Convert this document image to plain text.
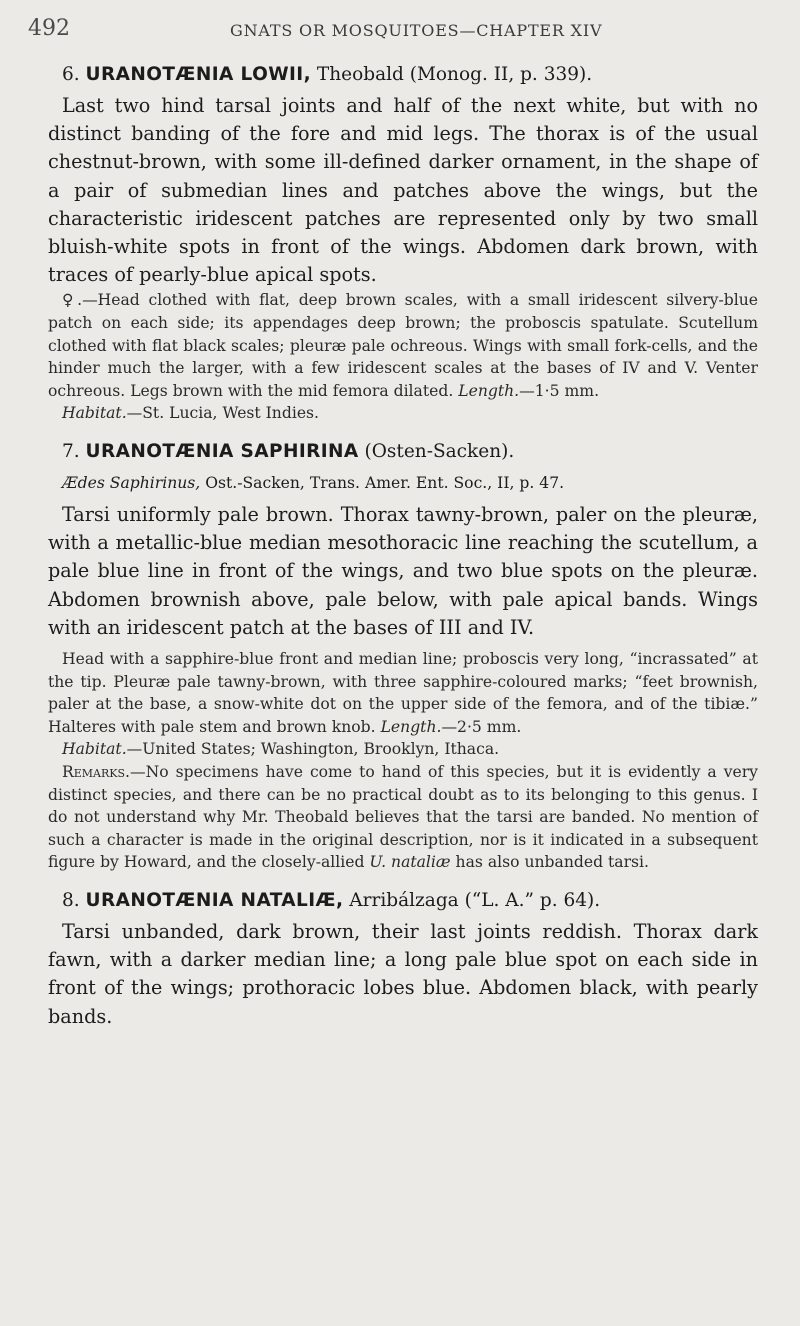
492	GNATS OR MOSQUITOES—CHAPTER XIV
6. URANOTÆNIA LOWII, Theobald (Monog. II, p. 339).

Last two hind tarsal joints and half of the next white, but with no distinct banding of the fore and mid legs. The thorax is of the usual chestnut-brown, with some ill-defined darker ornament, in the shape of a pair of submedian lines and patches above the wings, but the characteristic iridescent patches are represented only by two small bluish-white spots in front of the wings. Abdomen dark brown, with traces of pearly-blue apical spots.

♀.—Head clothed with flat, deep brown scales, with a small iridescent silvery-blue patch on each side; its appendages deep brown; the proboscis spatulate. Scutellum clothed with flat black scales; pleuræ pale ochreous. Wings with small fork-cells, and the hinder much the larger, with a few iridescent scales at the bases of IV and V. Venter ochreous. Legs brown with the mid femora dilated. Length.—1·5 mm.

Habitat.—St. Lucia, West Indies.

7. URANOTÆNIA SAPHIRINA (Osten-Sacken).
Ædes Saphirinus, Ost.-Sacken, Trans. Amer. Ent. Soc., II, p. 47.

Tarsi uniformly pale brown. Thorax tawny-brown, paler on the pleuræ, with a metallic-blue median mesothoracic line reaching the scutellum, a pale blue line in front of the wings, and two blue spots on the pleuræ. Abdomen brownish above, pale below, with pale apical bands. Wings with an iridescent patch at the bases of III and IV.

Head with a sapphire-blue front and median line; proboscis very long, “incrassated” at the tip. Pleuræ pale tawny-brown, with three sapphire-coloured marks; “feet brownish, paler at the base, a snow-white dot on the upper side of the femora, and of the tibiæ.” Halteres with pale stem and brown knob. Length.—2·5 mm.

Habitat.—United States; Washington, Brooklyn, Ithaca.

Remarks.—No specimens have come to hand of this species, but it is evidently a very distinct species, and there can be no practical doubt as to its belonging to this genus. I do not understand why Mr. Theobald believes that the tarsi are banded. No mention of such a character is made in the original description, nor is it indicated in a subsequent figure by Howard, and the closely-allied U. nataliæ has also unbanded tarsi.

8. URANOTÆNIA NATALIÆ, Arribálzaga (“L. A.” p. 64).

Tarsi unbanded, dark brown, their last joints reddish. Thorax dark fawn, with a darker median line; a long pale blue spot on each side in front of the wings; prothoracic lobes blue. Abdomen black, with pearly bands.
